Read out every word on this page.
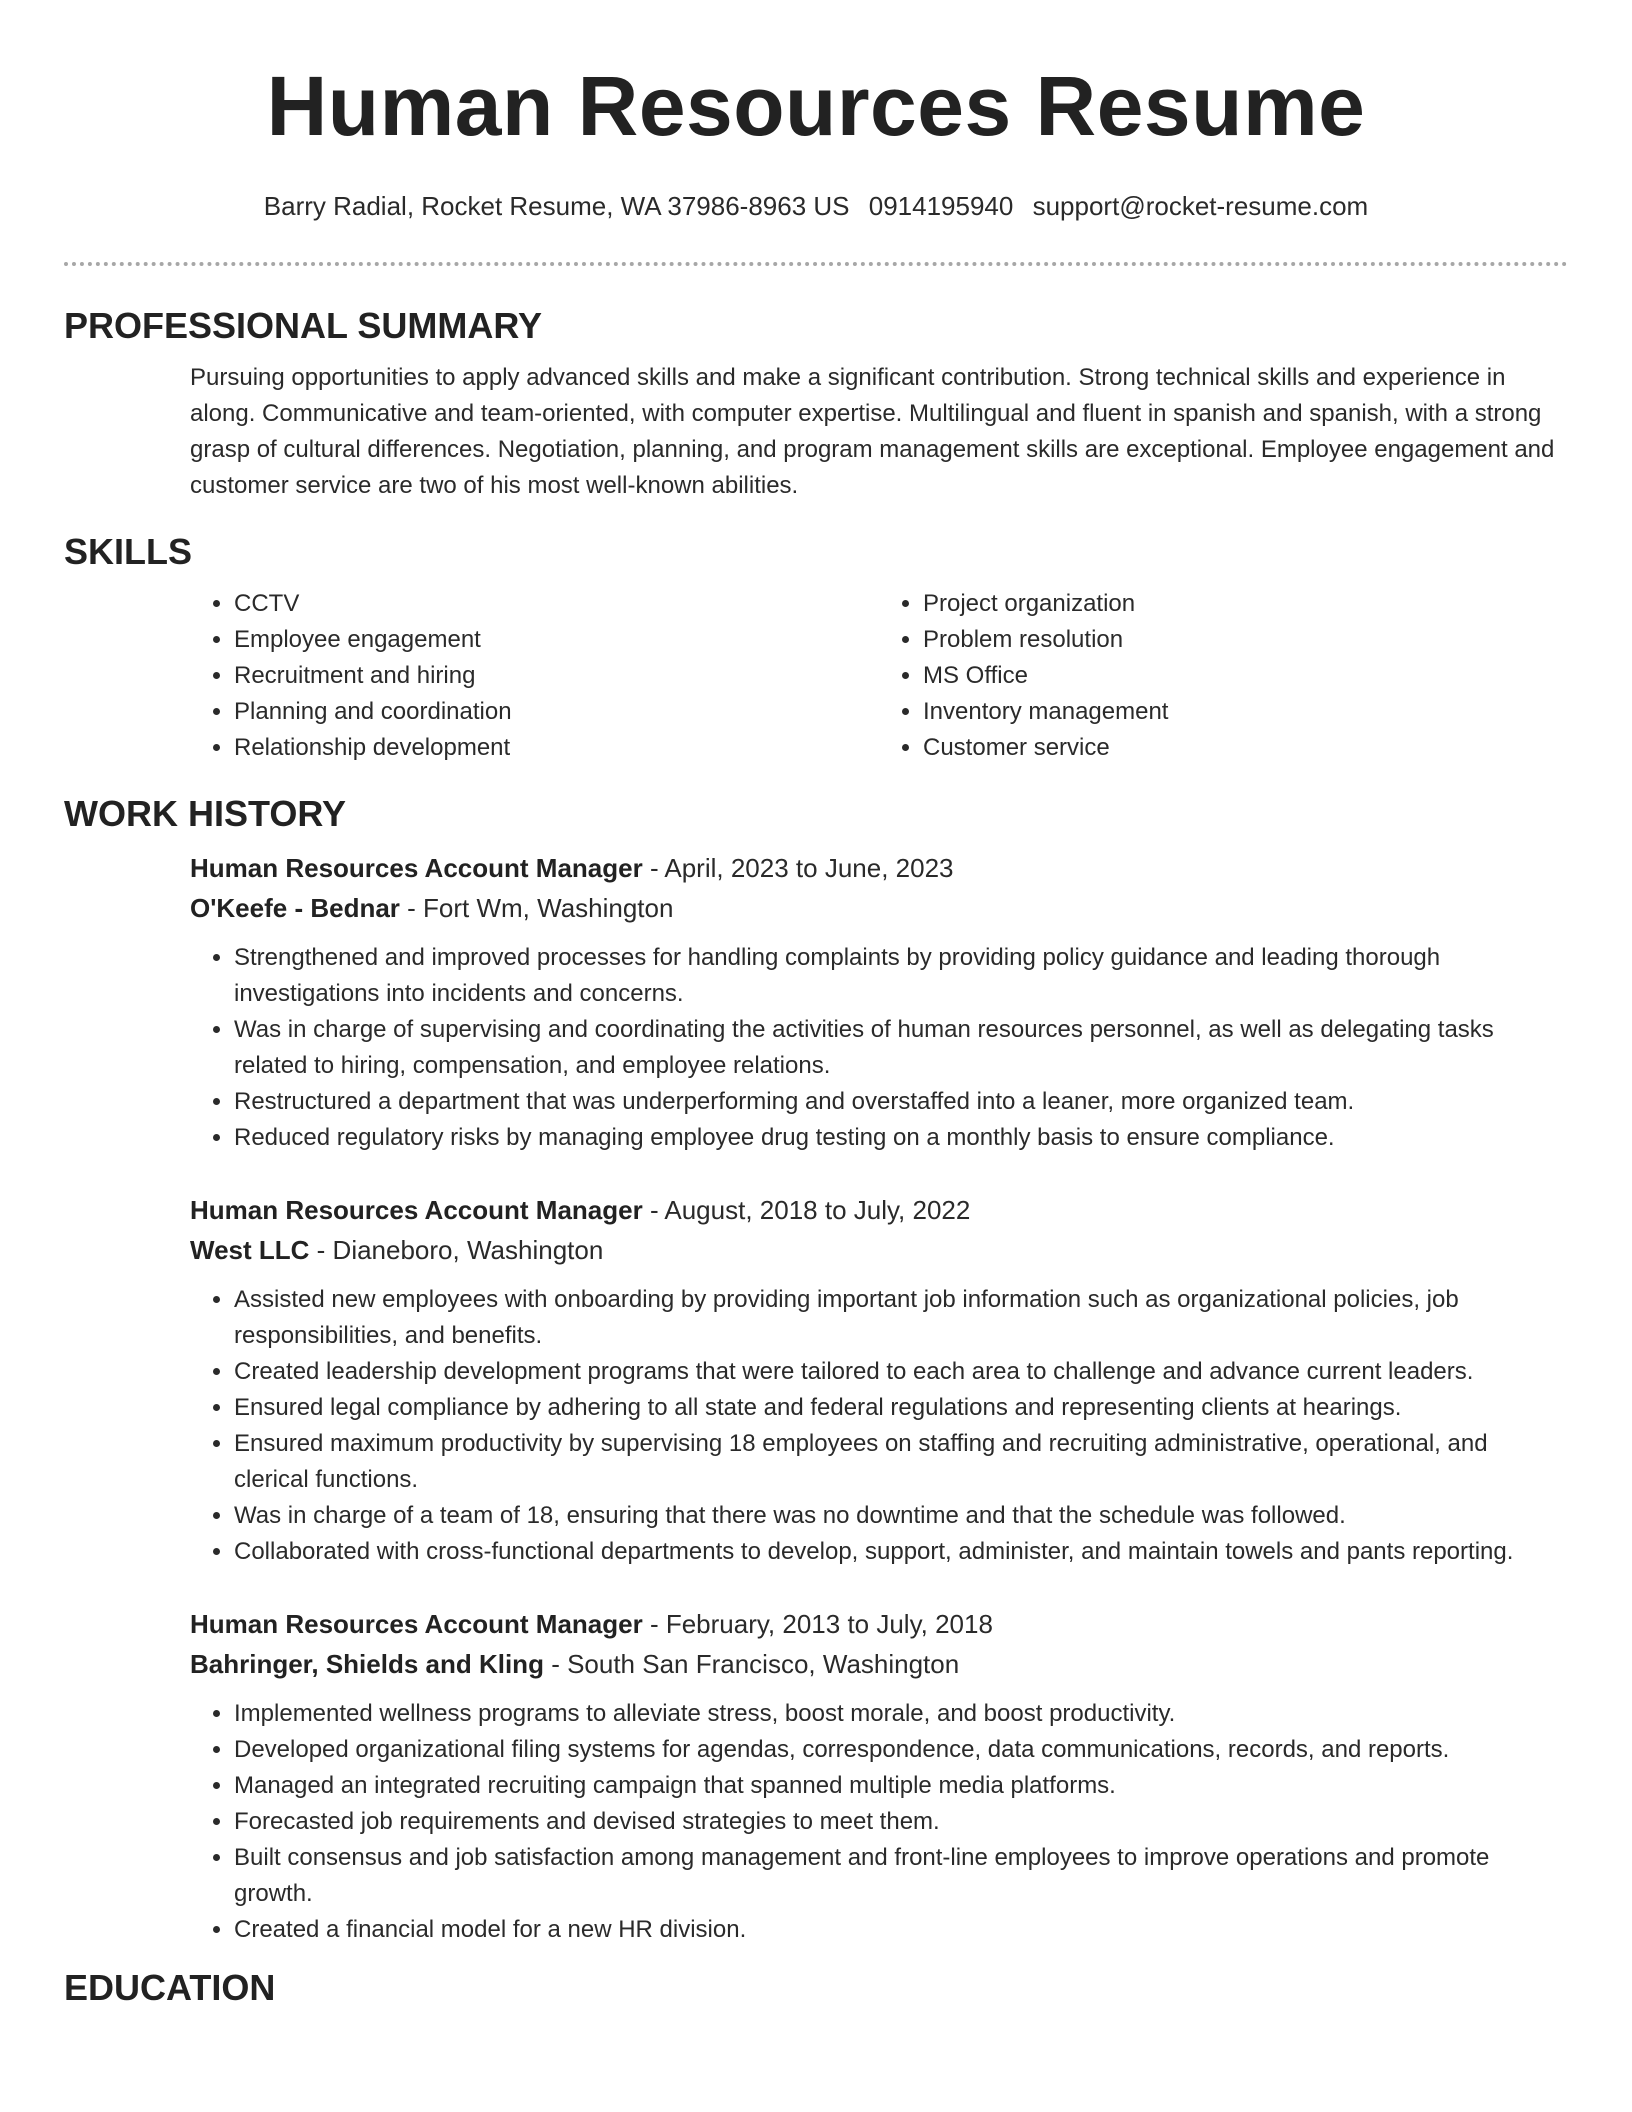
Human Resources Resume
Barry Radial, Rocket Resume, WA 37986-8963 US 0914195940 support@rocket-resume.com
PROFESSIONAL SUMMARY

Pursuing opportunities to apply advanced skills and make a significant contribution. Strong technical skills and experience in along. Communicative and team-oriented, with computer expertise. Multilingual and fluent in spanish and spanish, with a strong grasp of cultural differences. Negotiation, planning, and program management skills are exceptional. Employee engagement and customer service are two of his most well-known abilities.

SKILLS
• CCTV
• Employee engagement
• Recruitment and hiring
• Planning and coordination
• Relationship development
• Project organization
• Problem resolution
• MS Office
• Inventory management
• Customer service
WORK HISTORY
Human Resources Account Manager - April, 2023 to June, 2023
O'Keefe - Bednar - Fort Wm, Washington
• Strengthened and improved processes for handling complaints by providing policy guidance and leading thorough investigations into incidents and concerns.
• Was in charge of supervising and coordinating the activities of human resources personnel, as well as delegating tasks related to hiring, compensation, and employee relations.
• Restructured a department that was underperforming and overstaffed into a leaner, more organized team.
• Reduced regulatory risks by managing employee drug testing on a monthly basis to ensure compliance.
Human Resources Account Manager - August, 2018 to July, 2022
West LLC - Dianeboro, Washington
• Assisted new employees with onboarding by providing important job information such as organizational policies, job responsibilities, and benefits.
• Created leadership development programs that were tailored to each area to challenge and advance current leaders.
• Ensured legal compliance by adhering to all state and federal regulations and representing clients at hearings.
• Ensured maximum productivity by supervising 18 employees on staffing and recruiting administrative, operational, and clerical functions.
• Was in charge of a team of 18, ensuring that there was no downtime and that the schedule was followed.
• Collaborated with cross-functional departments to develop, support, administer, and maintain towels and pants reporting.
Human Resources Account Manager - February, 2013 to July, 2018
Bahringer, Shields and Kling - South San Francisco, Washington
• Implemented wellness programs to alleviate stress, boost morale, and boost productivity.
• Developed organizational filing systems for agendas, correspondence, data communications, records, and reports.
• Managed an integrated recruiting campaign that spanned multiple media platforms.
• Forecasted job requirements and devised strategies to meet them.
• Built consensus and job satisfaction among management and front-line employees to improve operations and promote growth.
• Created a financial model for a new HR division.
EDUCATION
